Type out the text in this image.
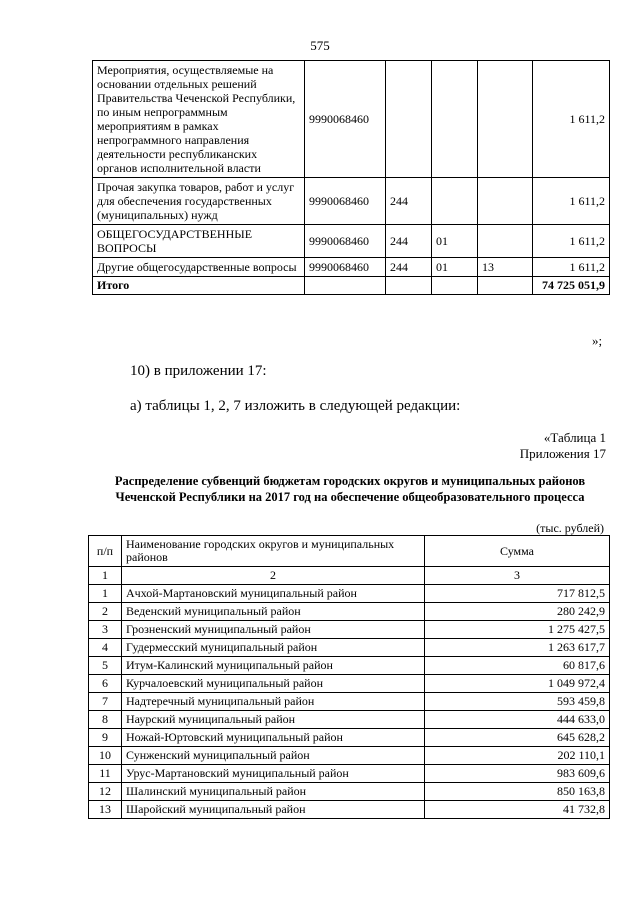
575
Мероприятия, осуществляемые на основании отдельных решений Правительства Чеченской Республики, по иным непрограммным мероприятиям в рамках непрограммного направления деятельности республиканских органов исполнительной власти	9990068460				1 611,2
Прочая закупка товаров, работ и услуг для обеспечения государственных (муниципальных) нужд	9990068460	244			1 611,2
ОБЩЕГОСУДАРСТВЕННЫЕ ВОПРОСЫ	9990068460	244	01		1 611,2
Другие общегосударственные вопросы	9990068460	244	01	13	1 611,2
Итого					74 725 051,9
»;
10) в приложении 17:
а) таблицы 1, 2, 7 изложить в следующей редакции:
«Таблица 1
Приложения 17
Распределение субвенций бюджетам городских округов и муниципальных районов
Чеченской Республики на 2017 год на обеспечение общеобразовательного процесса
(тыс. рублей)
п/п	Наименование городских округов и муниципальных районов	Сумма
1	2	3
1	Ачхой-Мартановский муниципальный район	717 812,5
2	Веденский муниципальный район	280 242,9
3	Грозненский муниципальный район	1 275 427,5
4	Гудермесский муниципальный район	1 263 617,7
5	Итум-Калинский муниципальный район	60 817,6
6	Курчалоевский муниципальный район	1 049 972,4
7	Надтеречный муниципальный район	593 459,8
8	Наурский муниципальный район	444 633,0
9	Ножай-Юртовский муниципальный район	645 628,2
10	Сунженский муниципальный район	202 110,1
11	Урус-Мартановский муниципальный район	983 609,6
12	Шалинский муниципальный район	850 163,8
13	Шаройский муниципальный район	41 732,8
